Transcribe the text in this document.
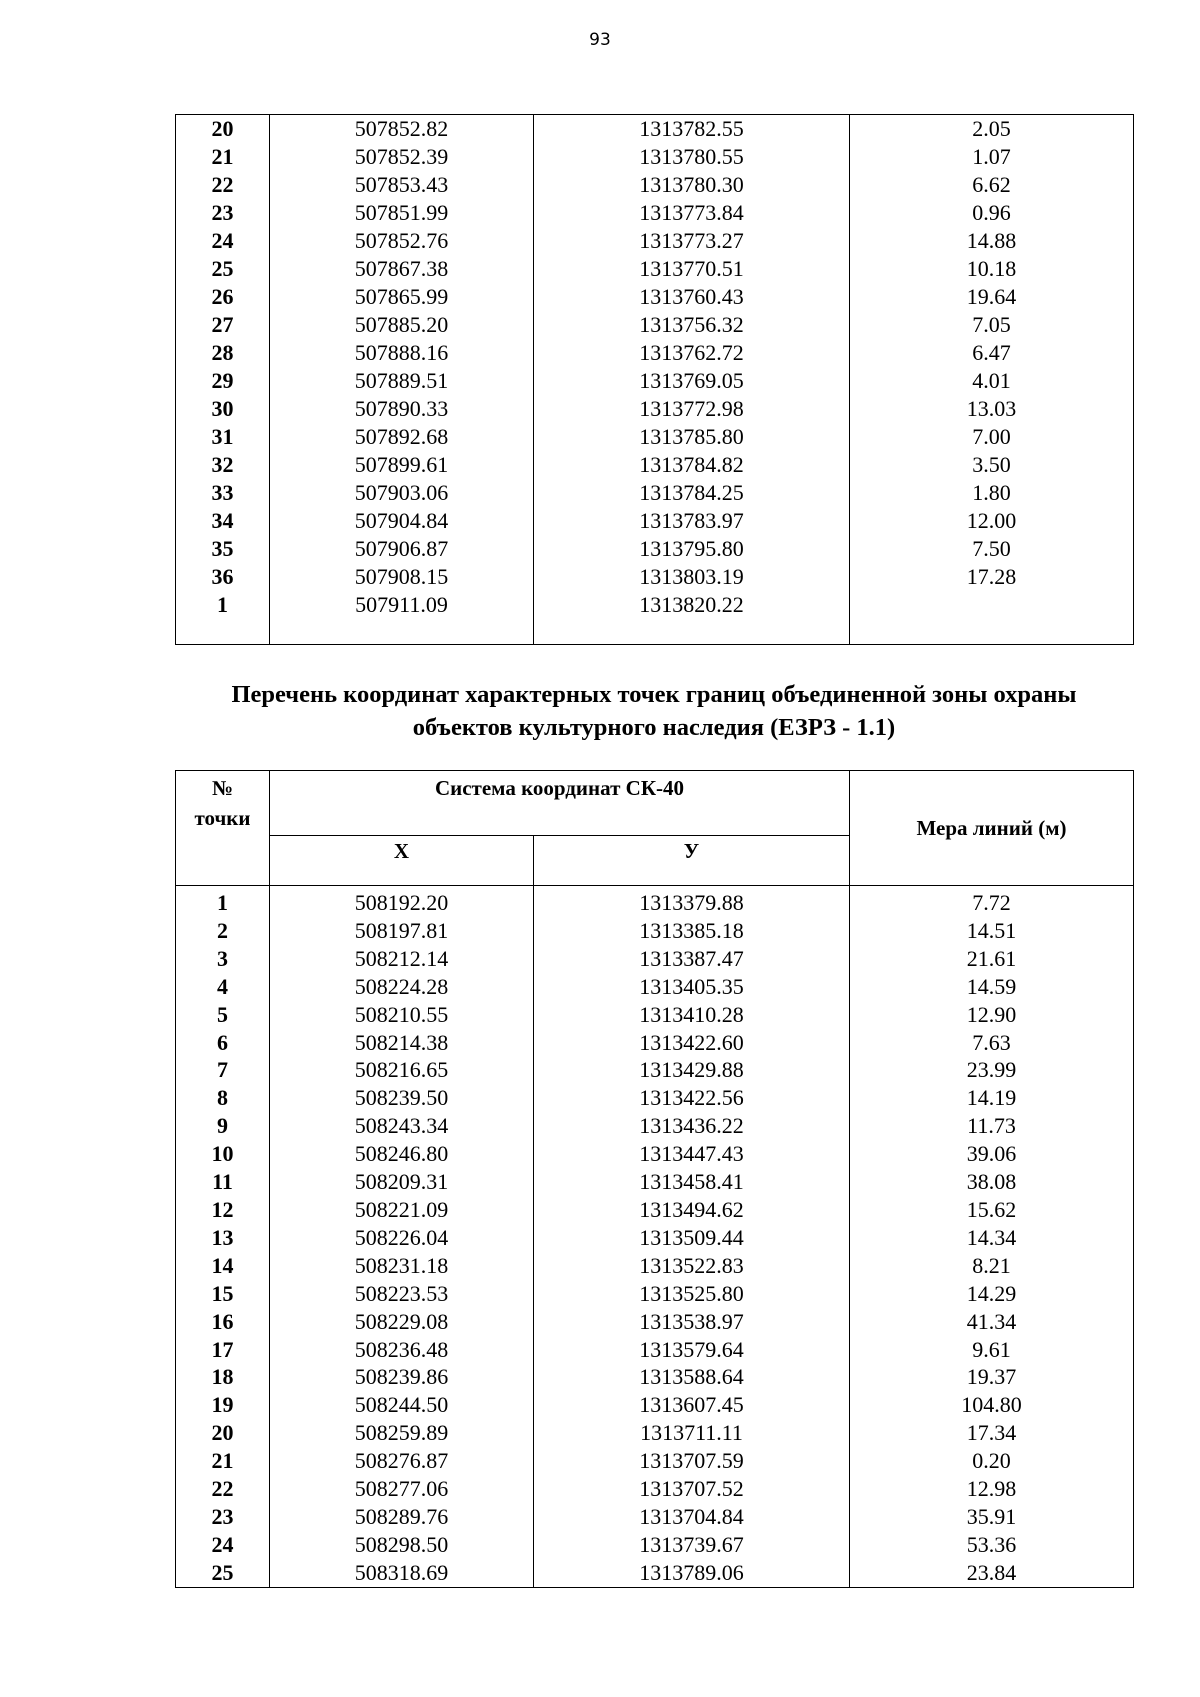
93
20	507852.82	1313782.55	2.05
21	507852.39	1313780.55	1.07
22	507853.43	1313780.30	6.62
23	507851.99	1313773.84	0.96
24	507852.76	1313773.27	14.88
25	507867.38	1313770.51	10.18
26	507865.99	1313760.43	19.64
27	507885.20	1313756.32	7.05
28	507888.16	1313762.72	6.47
29	507889.51	1313769.05	4.01
30	507890.33	1313772.98	13.03
31	507892.68	1313785.80	7.00
32	507899.61	1313784.82	3.50
33	507903.06	1313784.25	1.80
34	507904.84	1313783.97	12.00
35	507906.87	1313795.80	7.50
36	507908.15	1313803.19	17.28
1	507911.09	1313820.22	

Перечень координат характерных точек границ объединенной зоны охраны
объектов культурного наследия (ЕЗРЗ - 1.1)
№
точки	Система координат СК-40		Мера линий (м)
	Х	У	
1	508192.20	1313379.88	7.72
2	508197.81	1313385.18	14.51
3	508212.14	1313387.47	21.61
4	508224.28	1313405.35	14.59
5	508210.55	1313410.28	12.90
6	508214.38	1313422.60	7.63
7	508216.65	1313429.88	23.99
8	508239.50	1313422.56	14.19
9	508243.34	1313436.22	11.73
10	508246.80	1313447.43	39.06
11	508209.31	1313458.41	38.08
12	508221.09	1313494.62	15.62
13	508226.04	1313509.44	14.34
14	508231.18	1313522.83	8.21
15	508223.53	1313525.80	14.29
16	508229.08	1313538.97	41.34
17	508236.48	1313579.64	9.61
18	508239.86	1313588.64	19.37
19	508244.50	1313607.45	104.80
20	508259.89	1313711.11	17.34
21	508276.87	1313707.59	0.20
22	508277.06	1313707.52	12.98
23	508289.76	1313704.84	35.91
24	508298.50	1313739.67	53.36
25	508318.69	1313789.06	23.84
